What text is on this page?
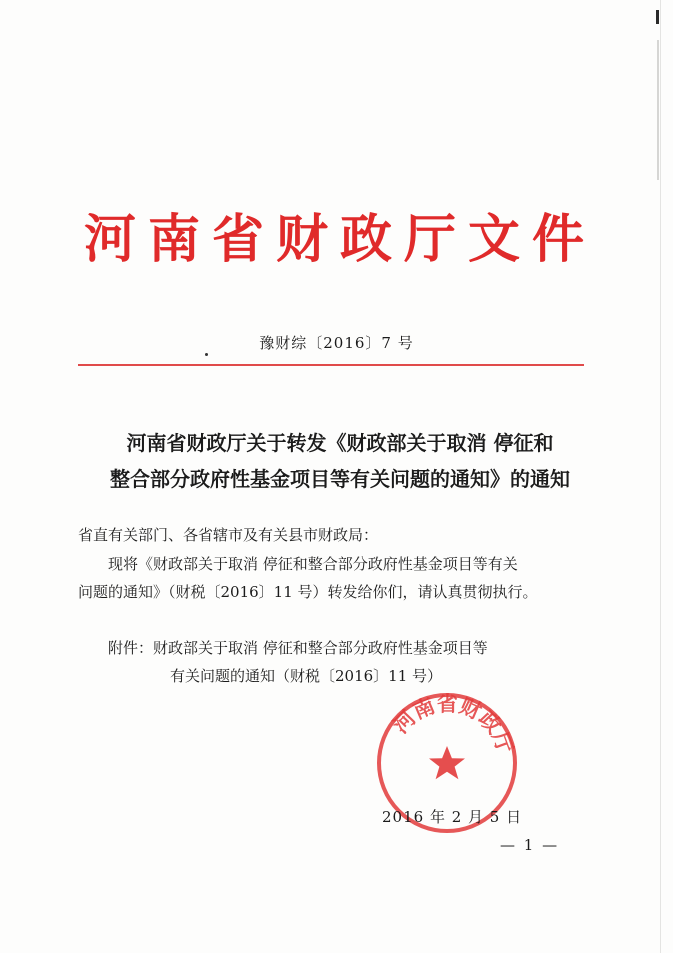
河南省财政厅文件
豫财综〔2016〕7 号
河南省财政厅关于转发《财政部关于取消 停征和
整合部分政府性基金项目等有关问题的通知》的通知
省直有关部门、各省辖市及有关县市财政局：
现将《财政部关于取消 停征和整合部分政府性基金项目等有关
问题的通知》（财税〔2016〕11 号）转发给你们，请认真贯彻执行。
附件：财政部关于取消 停征和整合部分政府性基金项目等
有关问题的通知（财税〔2016〕11 号）
河南省财政厅
2016 年 2 月 5 日
— 1 —
